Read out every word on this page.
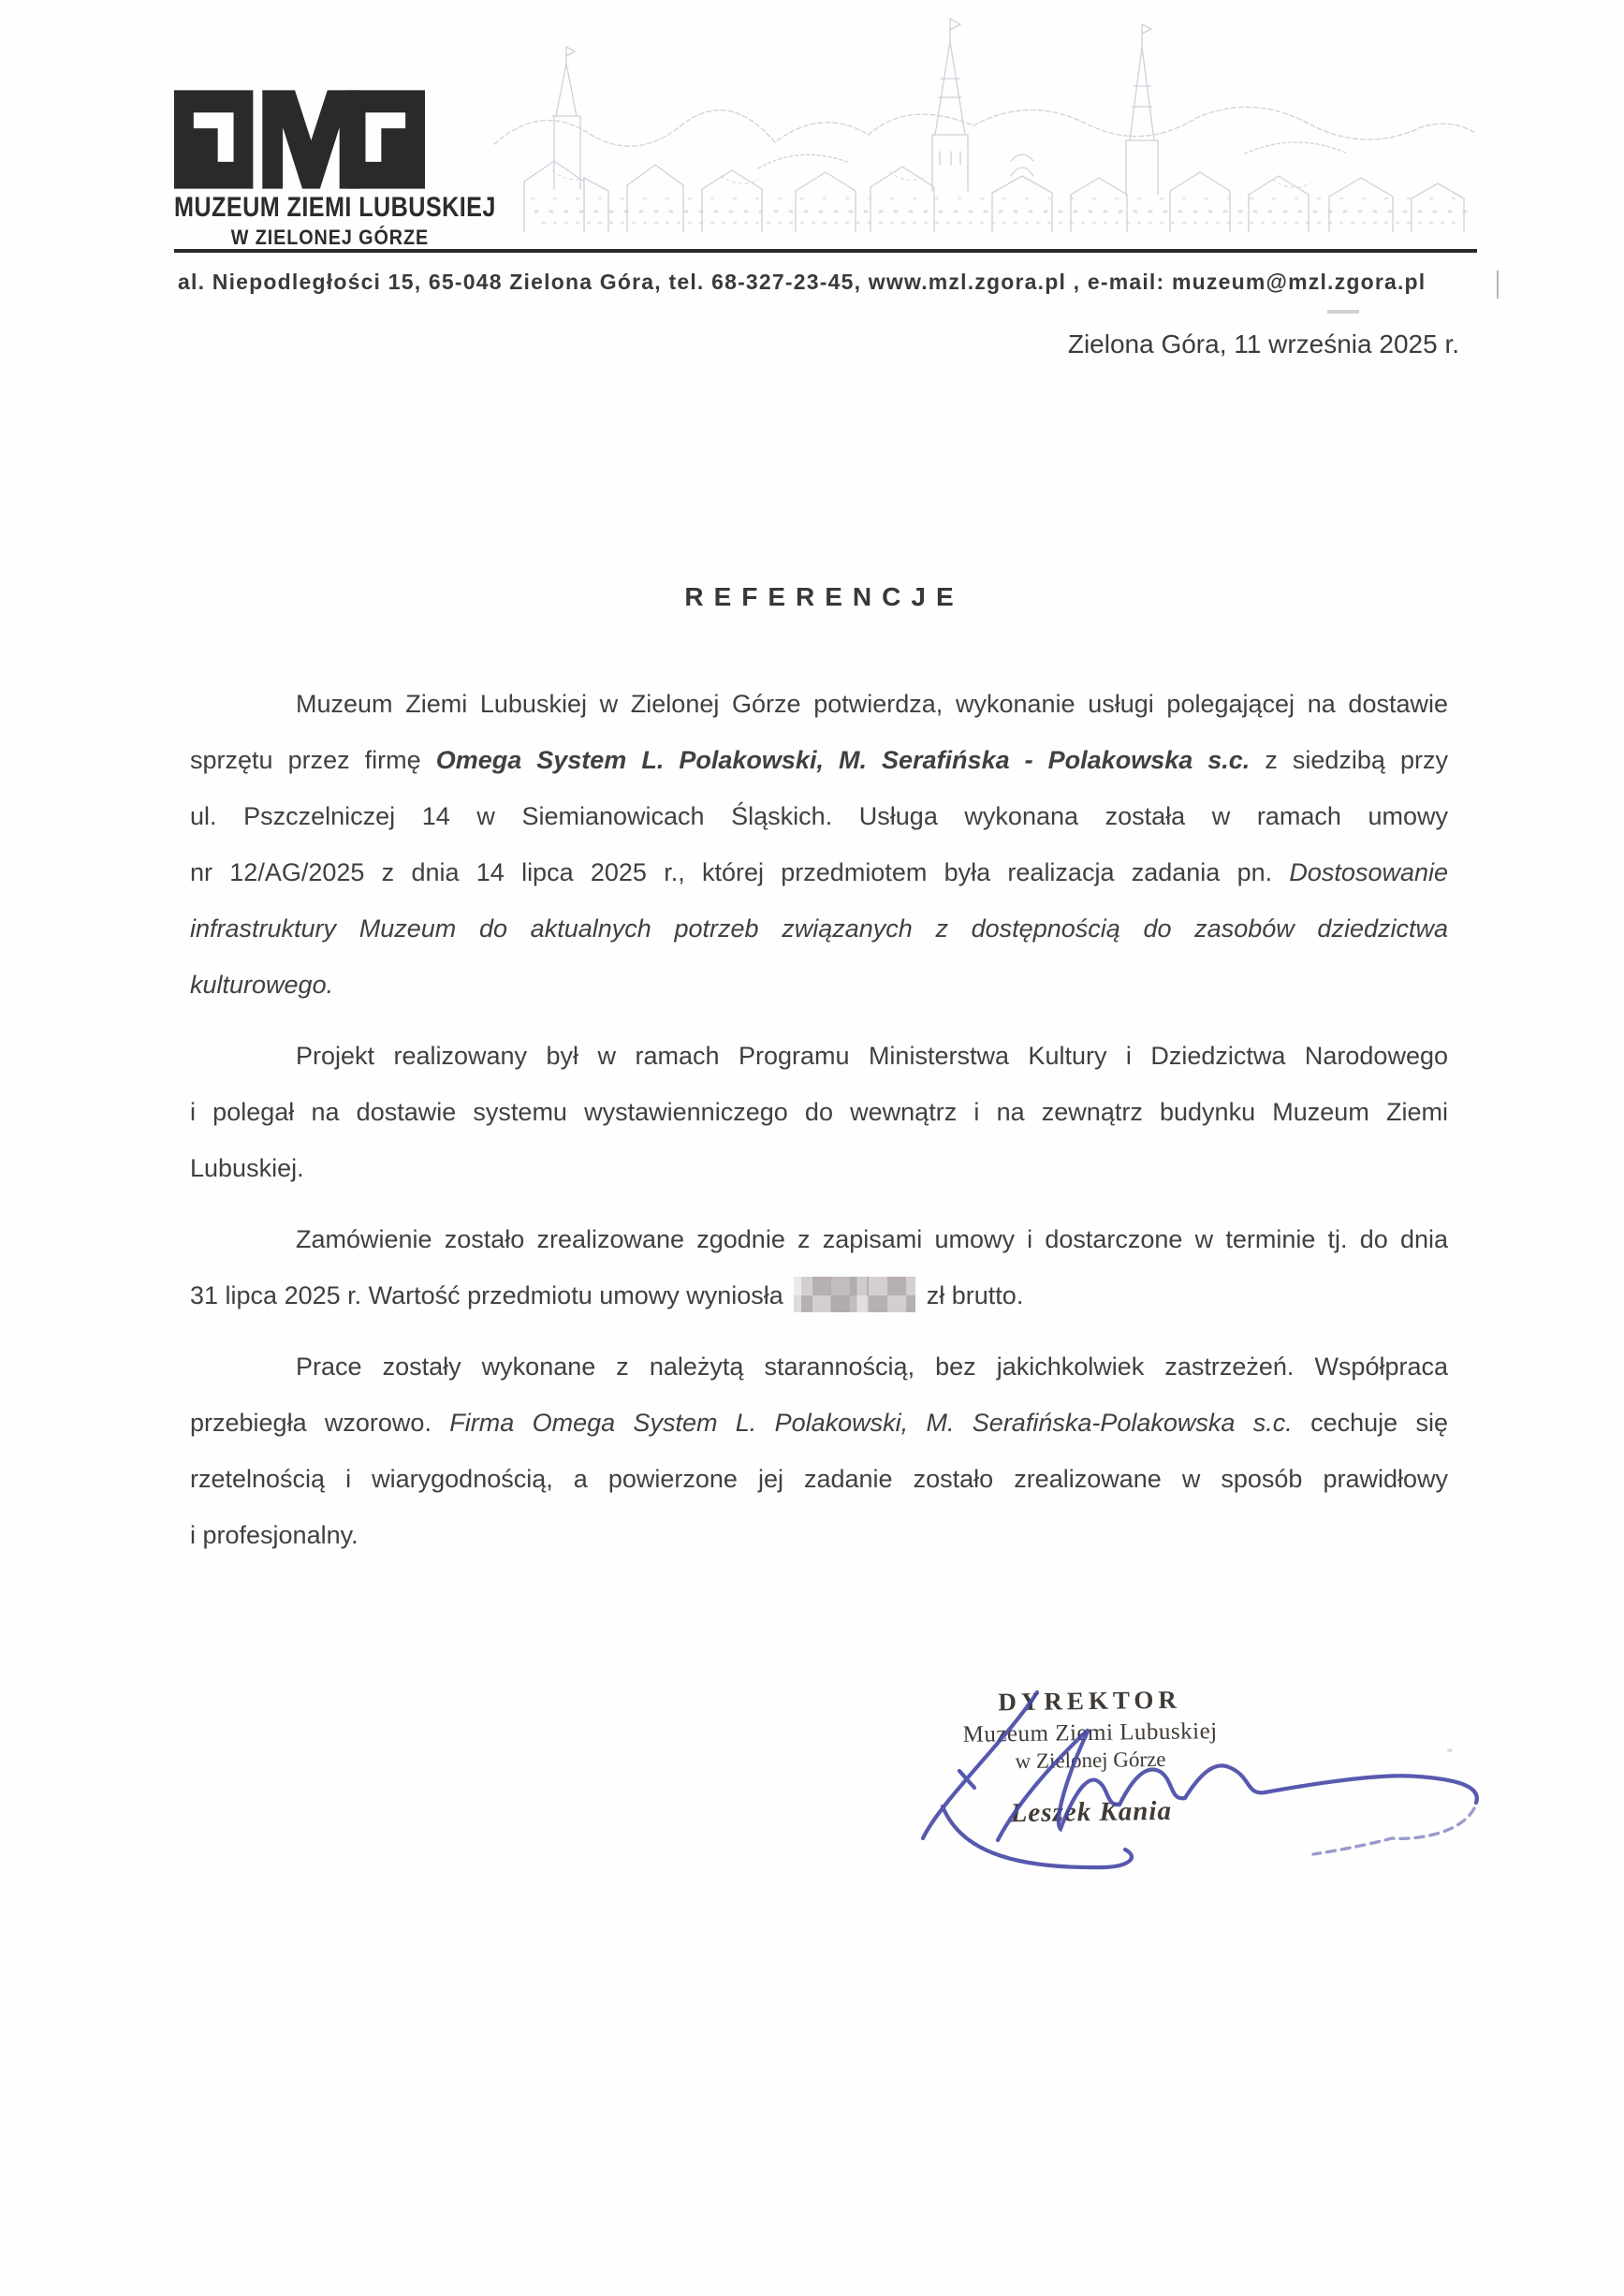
MUZEUM ZIEMI LUBUSKIEJ
W ZIELONEJ GÓRZE
al. Niepodległości 15, 65-048 Zielona Góra, tel. 68-327-23-45, www.mzl.zgora.pl , e-mail: muzeum@mzl.zgora.pl
Zielona Góra, 11 września 2025 r.
REFERENCJE
Muzeum Ziemi Lubuskiej w Zielonej Górze potwierdza, wykonanie usługi polegającej na dostawie
sprzętu przez firmę Omega System L. Polakowski, M. Serafińska - Polakowska s.c. z siedzibą przy
ul. Pszczelniczej 14 w Siemianowicach Śląskich. Usługa wykonana została w ramach umowy
nr 12/AG/2025 z dnia 14 lipca 2025 r., której przedmiotem była realizacja zadania pn. Dostosowanie
infrastruktury Muzeum do aktualnych potrzeb związanych z dostępnością do zasobów dziedzictwa
kulturowego.
Projekt realizowany był w ramach Programu Ministerstwa Kultury i Dziedzictwa Narodowego
i polegał na dostawie systemu wystawienniczego do wewnątrz i na zewnątrz budynku Muzeum Ziemi
Lubuskiej.
Zamówienie zostało zrealizowane zgodnie z zapisami umowy i dostarczone w terminie tj. do dnia
31 lipca 2025 r. Wartość przedmiotu umowy wyniosła	zł brutto.
Prace zostały wykonane z należytą starannością, bez jakichkolwiek zastrzeżeń. Współpraca
przebiegła wzorowo. Firma Omega System L. Polakowski, M. Serafińska-Polakowska s.c. cechuje się
rzetelnością i wiarygodnością, a powierzone jej zadanie zostało zrealizowane w sposób prawidłowy
i profesjonalny.
DYREKTOR
Muzeum Ziemi Lubuskiej
w Zielonej Górze
Leszek Kania
